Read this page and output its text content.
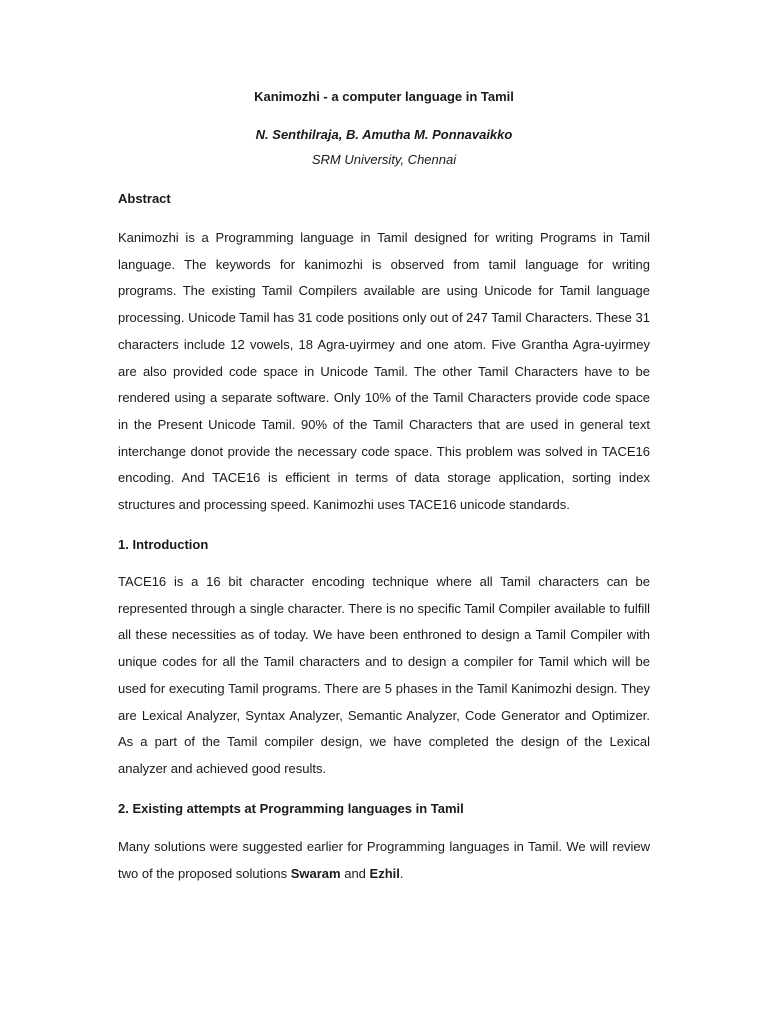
Kanimozhi - a computer language in Tamil

N. Senthilraja, B. Amutha M. Ponnavaikko

SRM University, Chennai

Abstract

Kanimozhi is a Programming language in Tamil designed for writing Programs in Tamil language. The keywords for kanimozhi is observed from tamil language for writing programs. The existing Tamil Compilers available are using Unicode for Tamil language processing. Unicode Tamil has 31 code positions only out of 247 Tamil Characters. These 31 characters include 12 vowels, 18 Agra-uyirmey and one atom. Five Grantha Agra-uyirmey are also provided code space in Unicode Tamil. The other Tamil Characters have to be rendered using a separate software. Only 10% of the Tamil Characters provide code space in the Present Unicode Tamil. 90% of the Tamil Characters that are used in general text interchange donot provide the necessary code space. This problem was solved in TACE16 encoding. And TACE16 is efficient in terms of data storage application, sorting index structures and processing speed. Kanimozhi uses TACE16 unicode standards.

1. Introduction

TACE16 is a 16 bit character encoding technique where all Tamil characters can be represented through a single character. There is no specific Tamil Compiler available to fulfill all these necessities as of today. We have been enthroned to design a Tamil Compiler with unique codes for all the Tamil characters and to design a compiler for Tamil which will be used for executing Tamil programs. There are 5 phases in the Tamil Kanimozhi design. They are Lexical Analyzer, Syntax Analyzer, Semantic Analyzer, Code Generator and Optimizer. As a part of the Tamil compiler design, we have completed the design of the Lexical analyzer and achieved good results.

2. Existing attempts at Programming languages in Tamil

Many solutions were suggested earlier for Programming languages in Tamil. We will review two of the proposed solutions Swaram and Ezhil.
